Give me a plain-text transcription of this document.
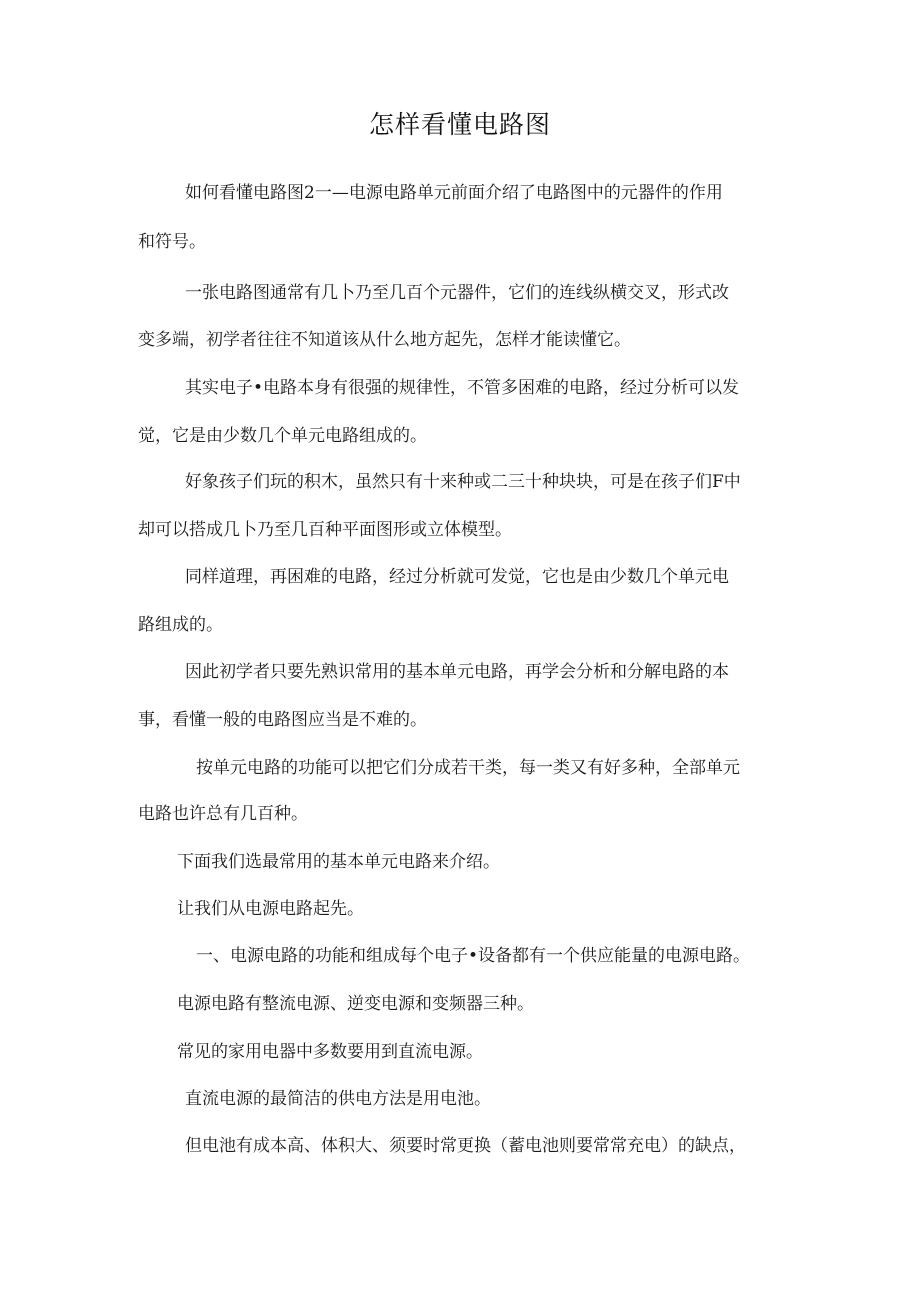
怎样看懂电路图
如何看懂电路图2一—电源电路单元前面介绍了电路图中的元器件的作用
和符号。
一张电路图通常有几卜乃至几百个元器件，它们的连线纵横交叉，形式改
变多端，初学者往往不知道该从什么地方起先，怎样才能读懂它。
其实电子•电路本身有很强的规律性，不管多困难的电路，经过分析可以发
觉，它是由少数几个单元电路组成的。
好象孩子们玩的积木，虽然只有十来种或二三十种块块，可是在孩子们F中
却可以搭成几卜乃至几百种平面图形或立体模型。
同样道理，再困难的电路，经过分析就可发觉，它也是由少数几个单元电
路组成的。
因此初学者只要先熟识常用的基本单元电路，再学会分析和分解电路的本
事，看懂一般的电路图应当是不难的。
按单元电路的功能可以把它们分成若干类，每一类又有好多种，全部单元
电路也许总有几百种。
下面我们选最常用的基本单元电路来介绍。
让我们从电源电路起先。
一、电源电路的功能和组成每个电子•设备都有一个供应能量的电源电路。
电源电路有整流电源、逆变电源和变频器三种。
常见的家用电器中多数要用到直流电源。
直流电源的最简洁的供电方法是用电池。
但电池有成本高、体积大、须要时常更换（蓄电池则要常常充电）的缺点，
